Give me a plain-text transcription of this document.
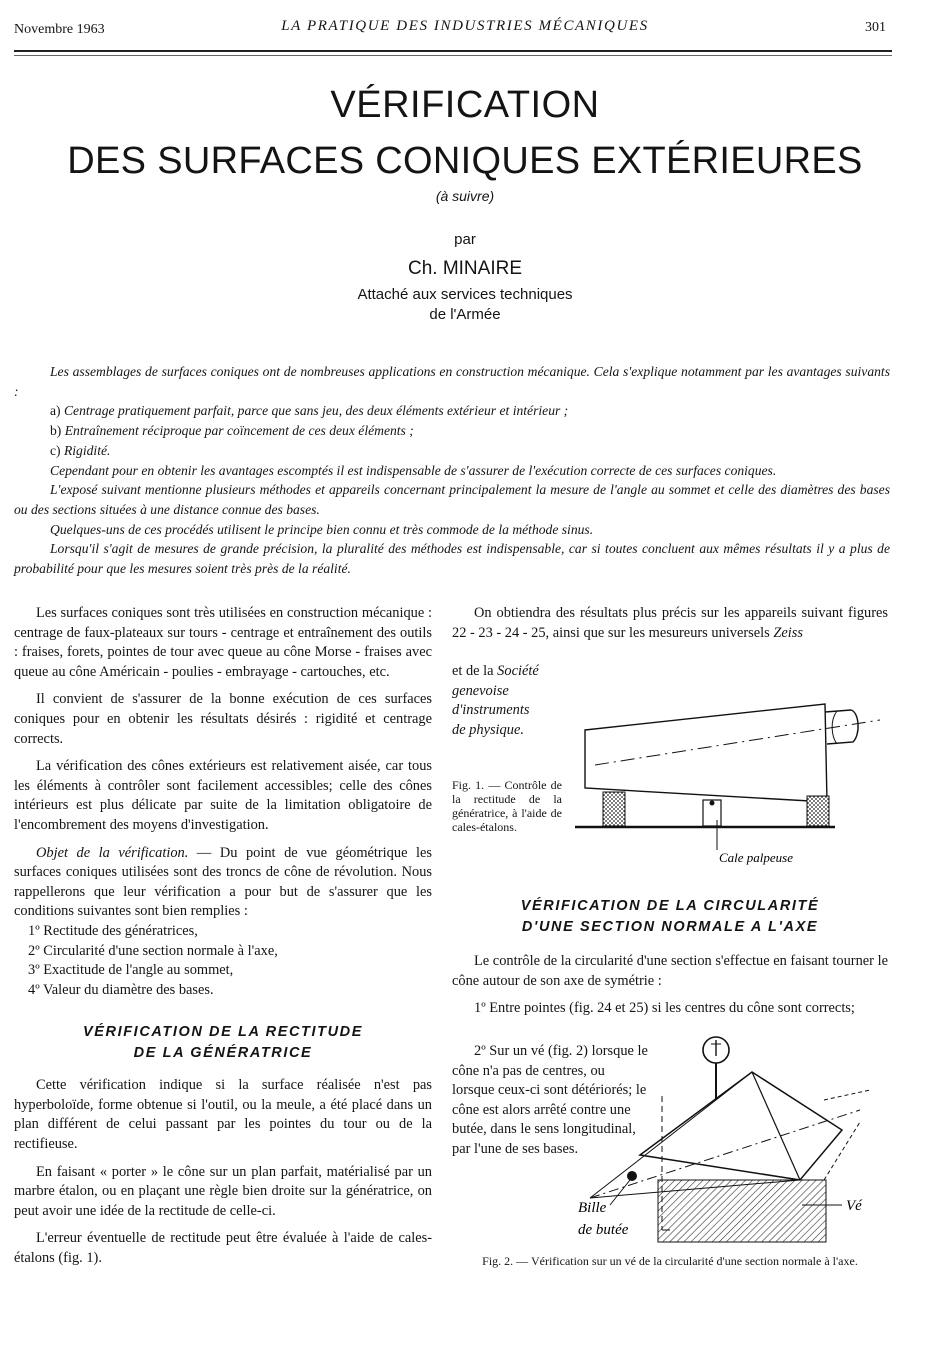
Novembre 1963	LA PRATIQUE DES INDUSTRIES MÉCANIQUES	301
VÉRIFICATION
DES SURFACES CONIQUES EXTÉRIEURES
(à suivre)
par
Ch. MINAIRE
Attaché aux services techniques
de l'Armée

Les assemblages de surfaces coniques ont de nombreuses applications en construction mécanique. Cela s'explique notamment par les avantages suivants :

a) Centrage pratiquement parfait, parce que sans jeu, des deux éléments extérieur et intérieur ;

b) Entraînement réciproque par coïncement de ces deux éléments ;

c) Rigidité.

Cependant pour en obtenir les avantages escomptés il est indispensable de s'assurer de l'exécution correcte de ces surfaces coniques.

L'exposé suivant mentionne plusieurs méthodes et appareils concernant principalement la mesure de l'angle au sommet et celle des diamètres des bases ou des sections situées à une distance connue des bases.

Quelques-uns de ces procédés utilisent le principe bien connu et très commode de la méthode sinus.

Lorsqu'il s'agit de mesures de grande précision, la pluralité des méthodes est indispensable, car si toutes concluent aux mêmes résultats il y a plus de probabilité pour que les mesures soient très près de la réalité.

Les surfaces coniques sont très utilisées en construction mécanique : centrage de faux-plateaux sur tours - centrage et entraînement des outils : fraises, forets, pointes de tour avec queue au cône Morse - fraises avec queue au cône Américain - poulies - embrayage - cartouches, etc.

Il convient de s'assurer de la bonne exécution de ces surfaces coniques pour en obtenir les résultats désirés : rigidité et centrage corrects.

La vérification des cônes extérieurs est relativement aisée, car tous les éléments à contrôler sont facilement accessibles; celle des cônes intérieurs est plus délicate par suite de la limitation obligatoire de l'encombrement des moyens d'investigation.

Objet de la vérification. — Du point de vue géométrique les surfaces coniques utilisées sont des troncs de cône de révolution. Nous rappellerons que leur vérification a pour but de s'assurer que les conditions suivantes sont bien remplies :

1º Rectitude des génératrices,

2º Circularité d'une section normale à l'axe,

3º Exactitude de l'angle au sommet,

4º Valeur du diamètre des bases.

VÉRIFICATION DE LA RECTITUDE
DE LA GÉNÉRATRICE

Cette vérification indique si la surface réalisée n'est pas hyperboloïde, forme obtenue si l'outil, ou la meule, a été placé dans un plan différent de celui passant par les pointes du tour ou de la rectifieuse.

En faisant « porter » le cône sur un plan parfait, matérialisé par un marbre étalon, ou en plaçant une règle bien droite sur la génératrice, on peut avoir une idée de la rectitude de celle-ci.

L'erreur éventuelle de rectitude peut être évaluée à l'aide de cales-étalons (fig. 1).

On obtiendra des résultats plus précis sur les appareils suivant figures 22 - 23 - 24 - 25, ainsi que sur les mesureurs universels Zeiss

et de la Société genevoise d'instruments de physique.

Cale palpeuse
Fig. 1. — Contrôle de la rectitude de la génératrice, à l'aide de cales-étalons.
VÉRIFICATION DE LA CIRCULARITÉ
D'UNE SECTION NORMALE A L'AXE

Le contrôle de la circularité d'une section s'effectue en faisant tourner le cône autour de son axe de symétrie :

1º Entre pointes (fig. 24 et 25) si les centres du cône sont corrects;

2º Sur un vé (fig. 2) lorsque le cône n'a pas de centres, ou lorsque ceux-ci sont détériorés; le cône est alors arrêté contre une butée, dans le sens longitudinal, par l'une de ses bases.

Bille
de butée
Vé
Fig. 2. — Vérification sur un vé de la circularité d'une section normale à l'axe.
